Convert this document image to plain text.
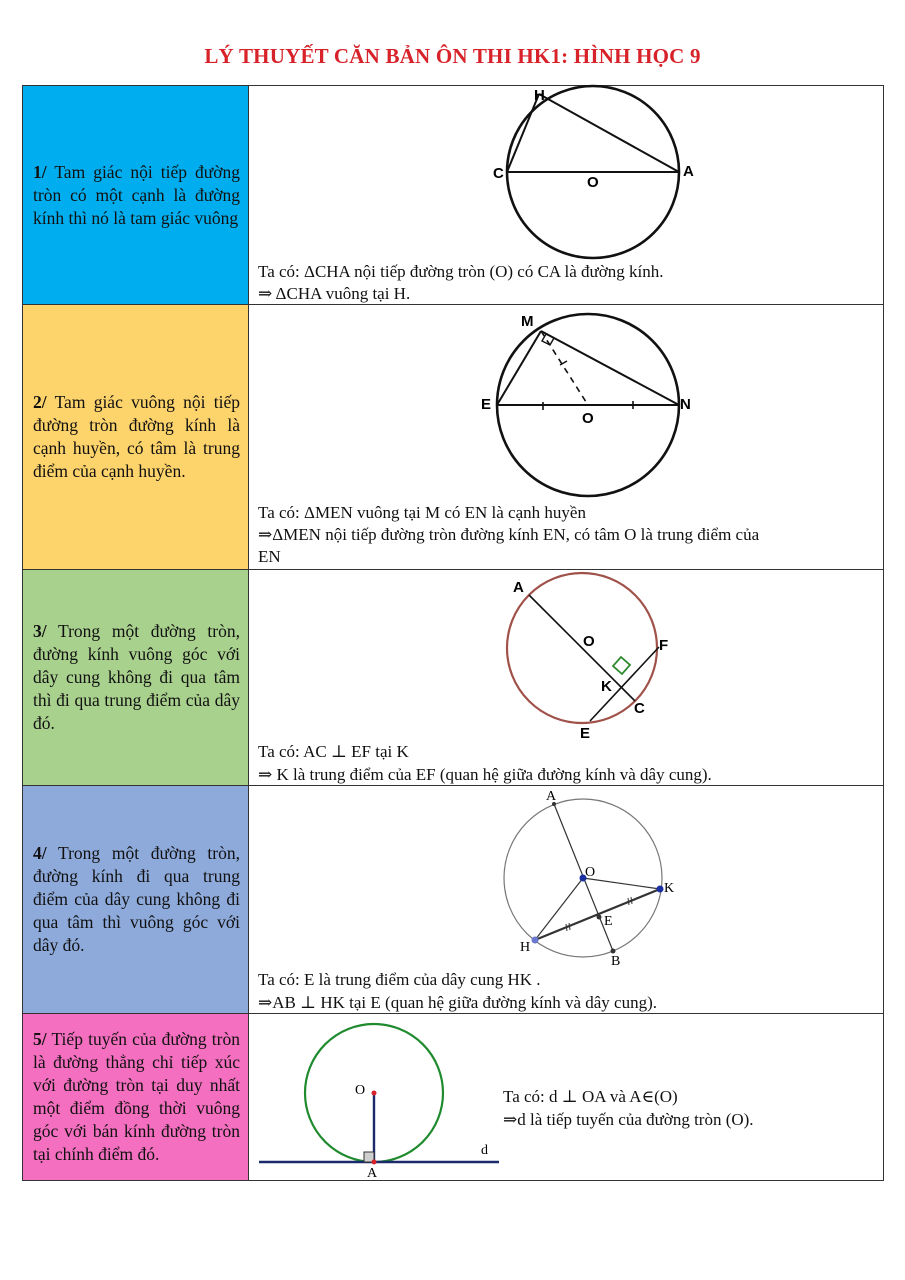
LÝ THUYẾT CĂN BẢN ÔN THI HK1: HÌNH HỌC 9
1/ Tam giác nội tiếp đường tròn có một cạnh là đường kính thì nó là tam giác vuông
H
C
O
A
Ta có: ΔCHA nội tiếp đường tròn (O) có CA là đường kính.
⇒ ΔCHA vuông tại H.
2/ Tam giác vuông nội tiếp đường tròn đường kính là cạnh huyền, có tâm là trung điểm của cạnh huyền.
M
E
O
N
Ta có: ΔMEN vuông tại M có EN là cạnh huyền
⇒ΔMEN nội tiếp đường tròn đường kính EN, có tâm O là trung điểm của
EN
3/ Trong một đường tròn, đường kính vuông góc với dây cung không đi qua tâm thì đi qua trung điểm của dây đó.
A
O	F
K
C
E
Ta có: AC ⊥ EF tại K
⇒ K là trung điểm của EF (quan hệ giữa đường kính và dây cung).
4/ Trong một đường tròn, đường kính đi qua trung điểm của dây cung không đi qua tâm thì vuông góc với dây đó.
A
O
K
E
H
B
Ta có: E là trung điểm của dây cung HK .
⇒AB ⊥ HK tại E (quan hệ giữa đường kính và dây cung).
5/ Tiếp tuyến của đường tròn là đường thẳng chỉ tiếp xúc với đường tròn tại duy nhất một điểm đồng thời vuông góc với bán kính đường tròn tại chính điểm đó.
O
A
d
Ta có: d ⊥ OA và A∈(O)
⇒d là tiếp tuyến của đường tròn (O).
